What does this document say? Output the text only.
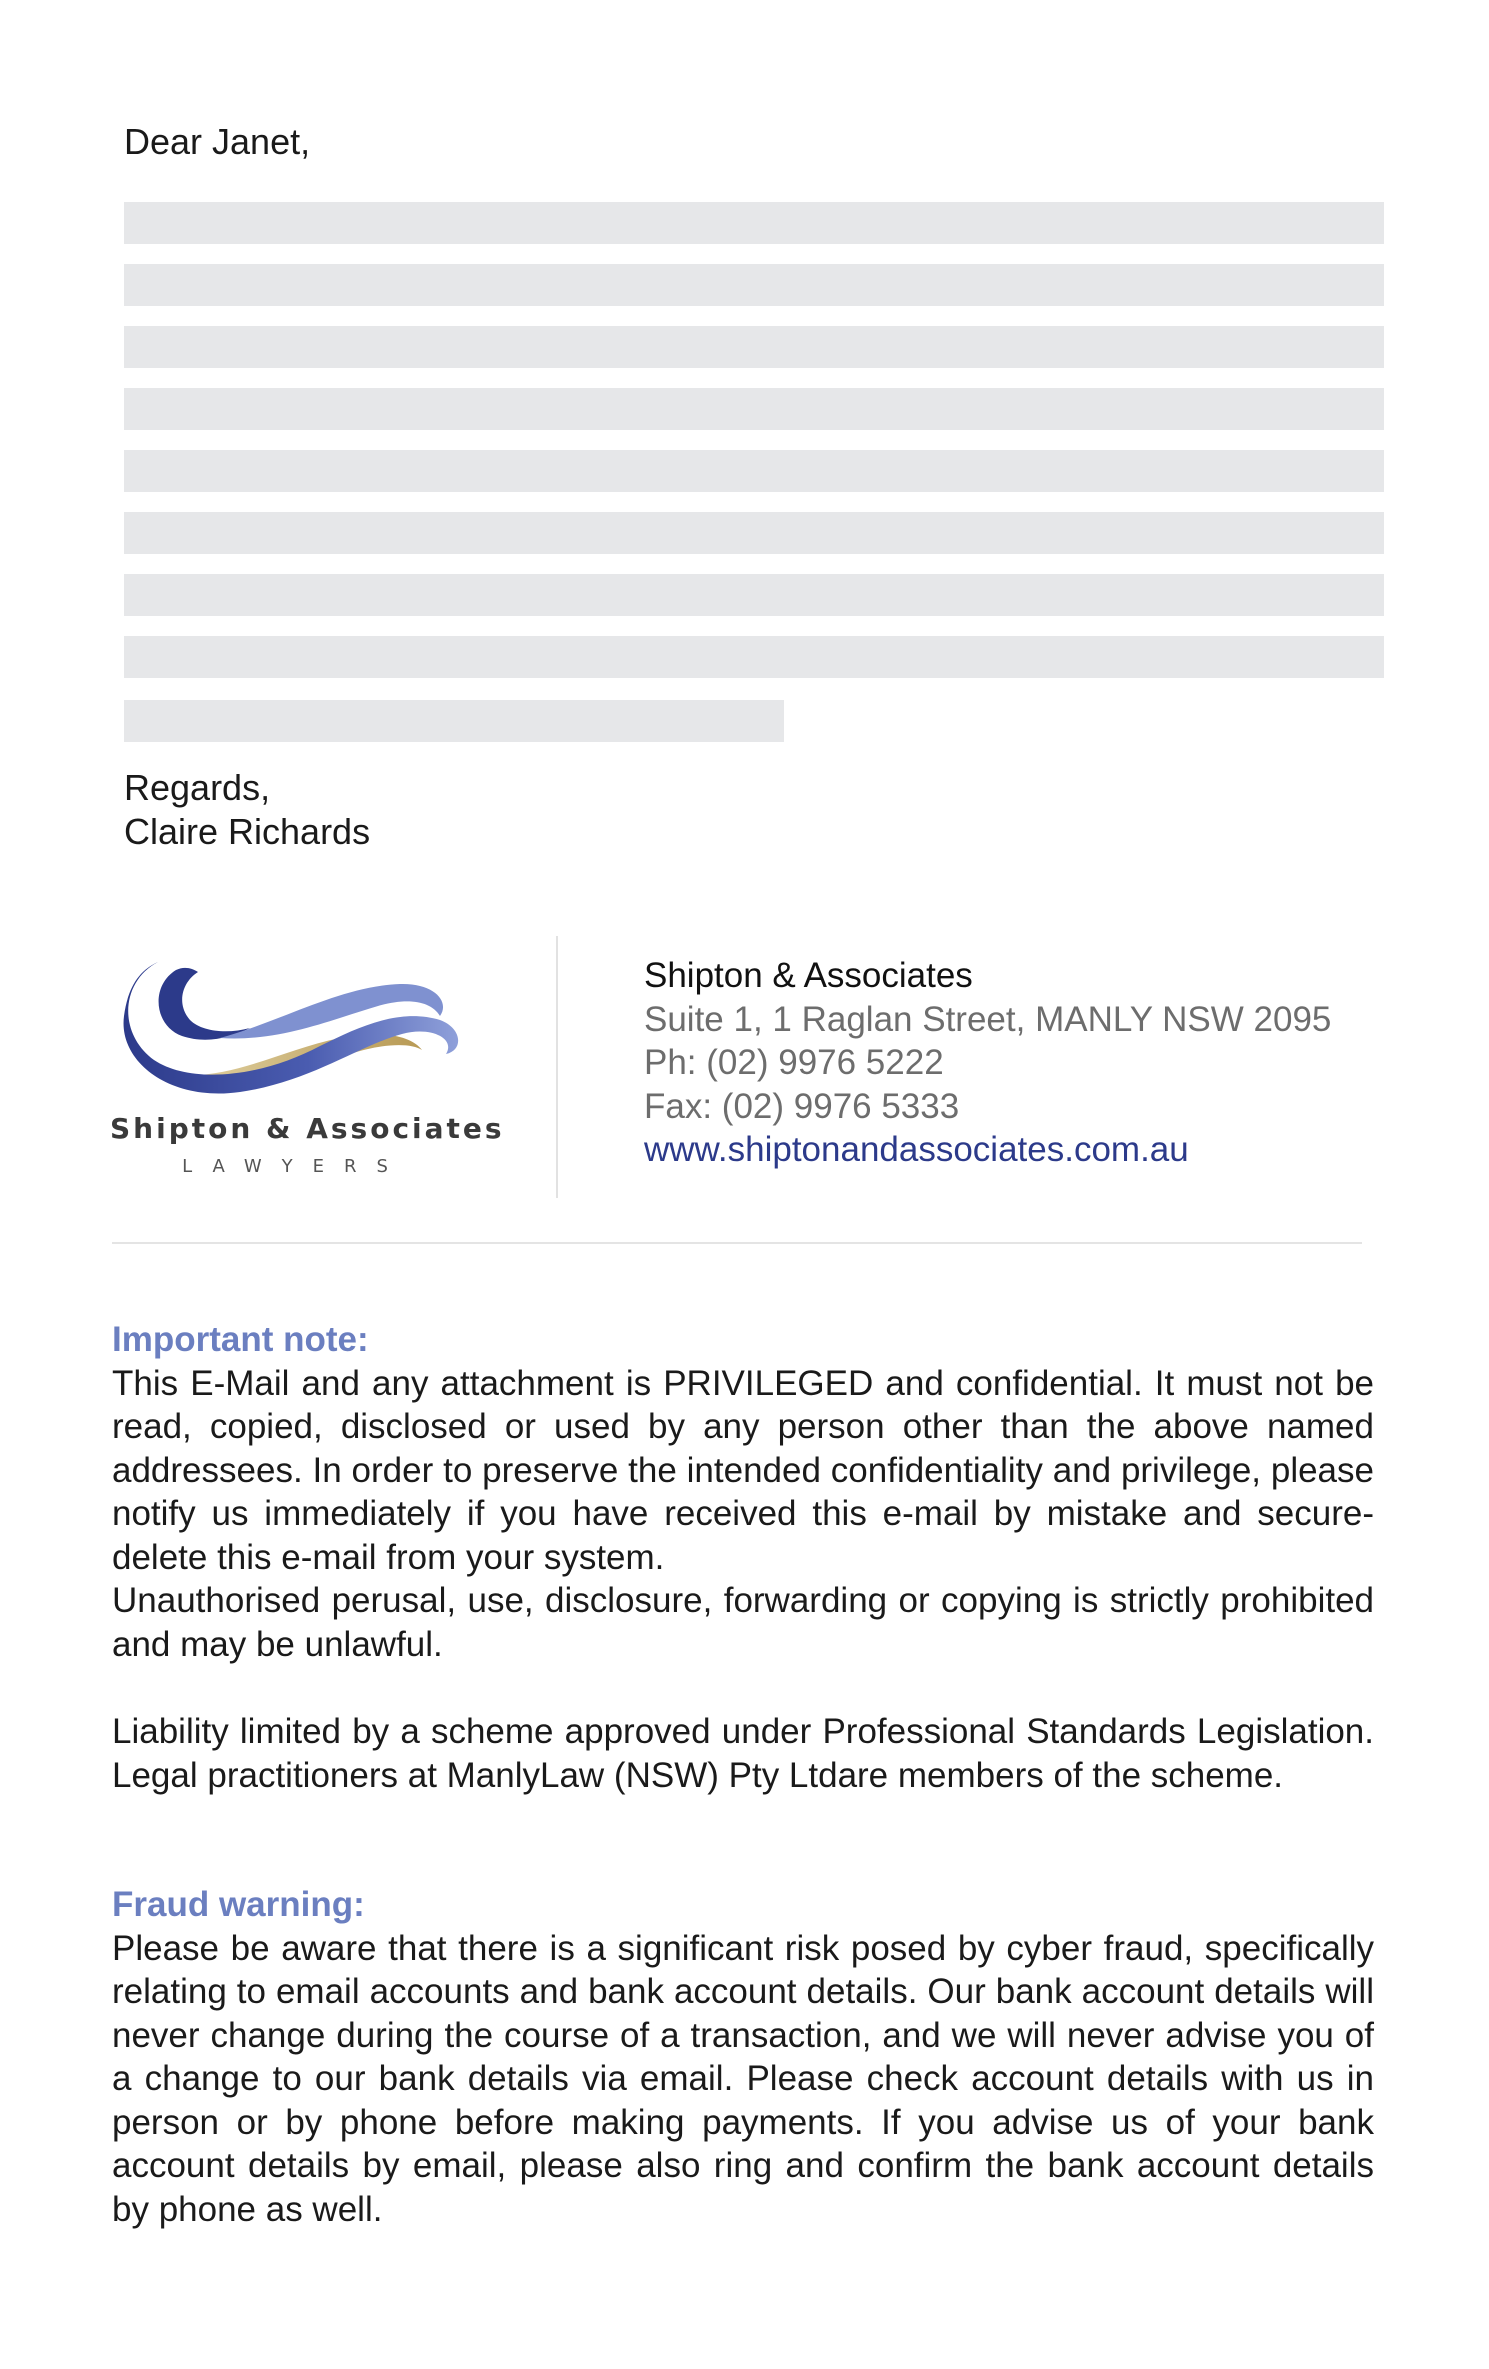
Dear Janet,
Regards,
Claire Richards
Shipton & Associates
LAWYERS
Shipton & Associates
Suite 1, 1 Raglan Street, MANLY NSW 2095
Ph: (02) 9976 5222
Fax: (02) 9976 5333
www.shiptonandassociates.com.au
Important note:
This E-Mail and any attachment is PRIVILEGED and confidential. It must not be read, copied, disclosed or used by any person other than the above named addressees. In order to preserve the intended confidentiality and privilege, please notify us immediately if you have received this e-mail by mistake and secure-delete this e-mail from your system.
Unauthorised perusal, use, disclosure, forwarding or copying is strictly prohibited and may be unlawful.
Liability limited by a scheme approved under Professional Standards Legislation. Legal practitioners at ManlyLaw (NSW) Pty Ltdare members of the scheme.
Fraud warning:
Please be aware that there is a significant risk posed by cyber fraud, specifically relating to email accounts and bank account details. Our bank account details will never change during the course of a transaction, and we will never advise you of a change to our bank details via email. Please check account details with us in person or by phone before making payments. If you advise us of your bank account details by email, please also ring and confirm the bank account details by phone as well.
